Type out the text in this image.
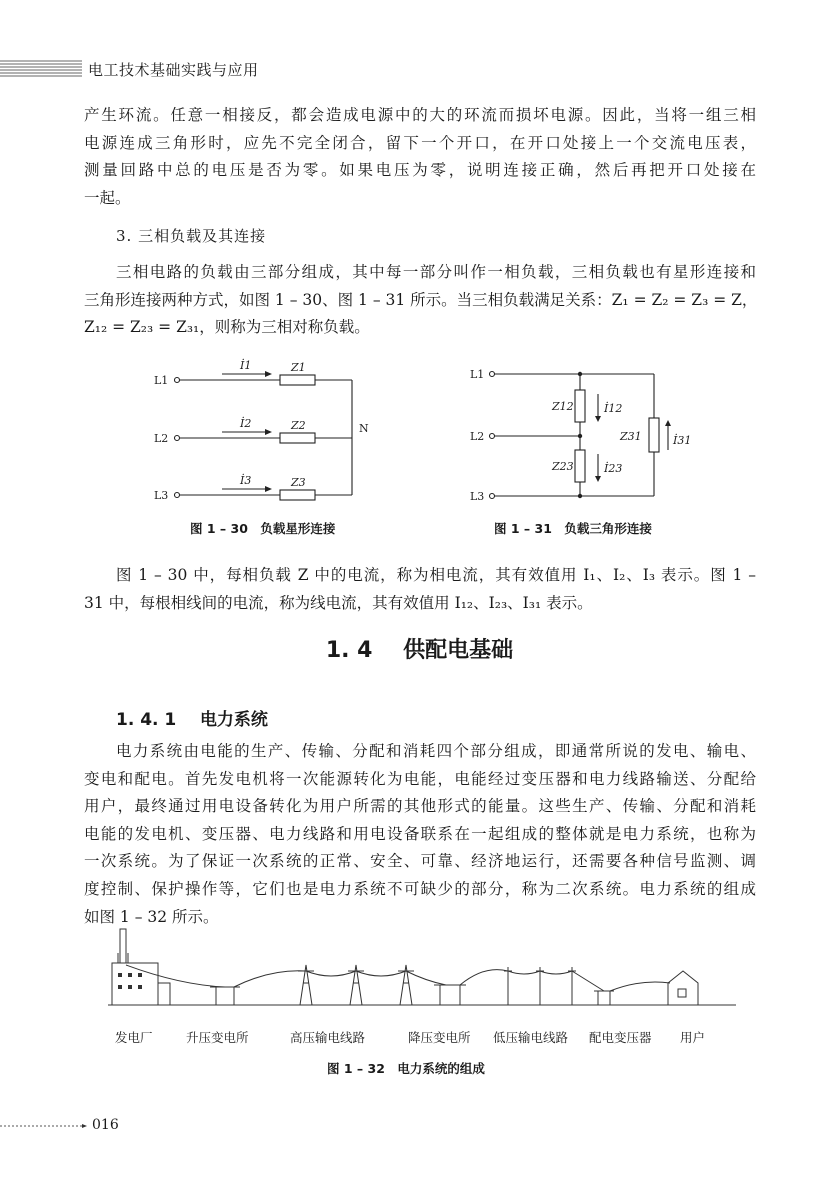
电工技术基础实践与应用
产生环流。任意一相接反，都会造成电源中的大的环流而损坏电源。因此，当将一组三相
电源连成三角形时，应先不完全闭合，留下一个开口，在开口处接上一个交流电压表，
测量回路中总的电压是否为零。如果电压为零，说明连接正确，然后再把开口处接在
一起。
3. 三相负载及其连接
三相电路的负载由三部分组成，其中每一部分叫作一相负载，三相负载也有星形连接和
三角形连接两种方式，如图 1 – 30、图 1 – 31 所示。当三相负载满足关系：Z₁ = Z₂ = Z₃ = Z，
Z₁₂ = Z₂₃ = Z₃₁，则称为三相对称负载。
L1
L2
L3
İ1
İ2
İ3
Z1
Z2
Z3
N
图 1 – 30　负载星形连接
L1
L2
L3
Z12
Z23
Z31
İ12
İ23
İ31
图 1 – 31　负载三角形连接
图 1 – 30 中，每相负载 Z 中的电流，称为相电流，其有效值用 I₁、I₂、I₃ 表示。图 1 –
31 中，每根相线间的电流，称为线电流，其有效值用 I₁₂、I₂₃、I₃₁ 表示。
1. 4 供配电基础
1. 4. 1 电力系统
电力系统由电能的生产、传输、分配和消耗四个部分组成，即通常所说的发电、输电、
变电和配电。首先发电机将一次能源转化为电能，电能经过变压器和电力线路输送、分配给
用户，最终通过用电设备转化为用户所需的其他形式的能量。这些生产、传输、分配和消耗
电能的发电机、变压器、电力线路和用电设备联系在一起组成的整体就是电力系统，也称为
一次系统。为了保证一次系统的正常、安全、可靠、经济地运行，还需要各种信号监测、调
度控制、保护操作等，它们也是电力系统不可缺少的部分，称为二次系统。电力系统的组成
如图 1 – 32 所示。
发电厂	升压变电所	高压输电线路	降压变电所 低压输电线路 配电变压器 用户
图 1 – 32　电力系统的组成
016
